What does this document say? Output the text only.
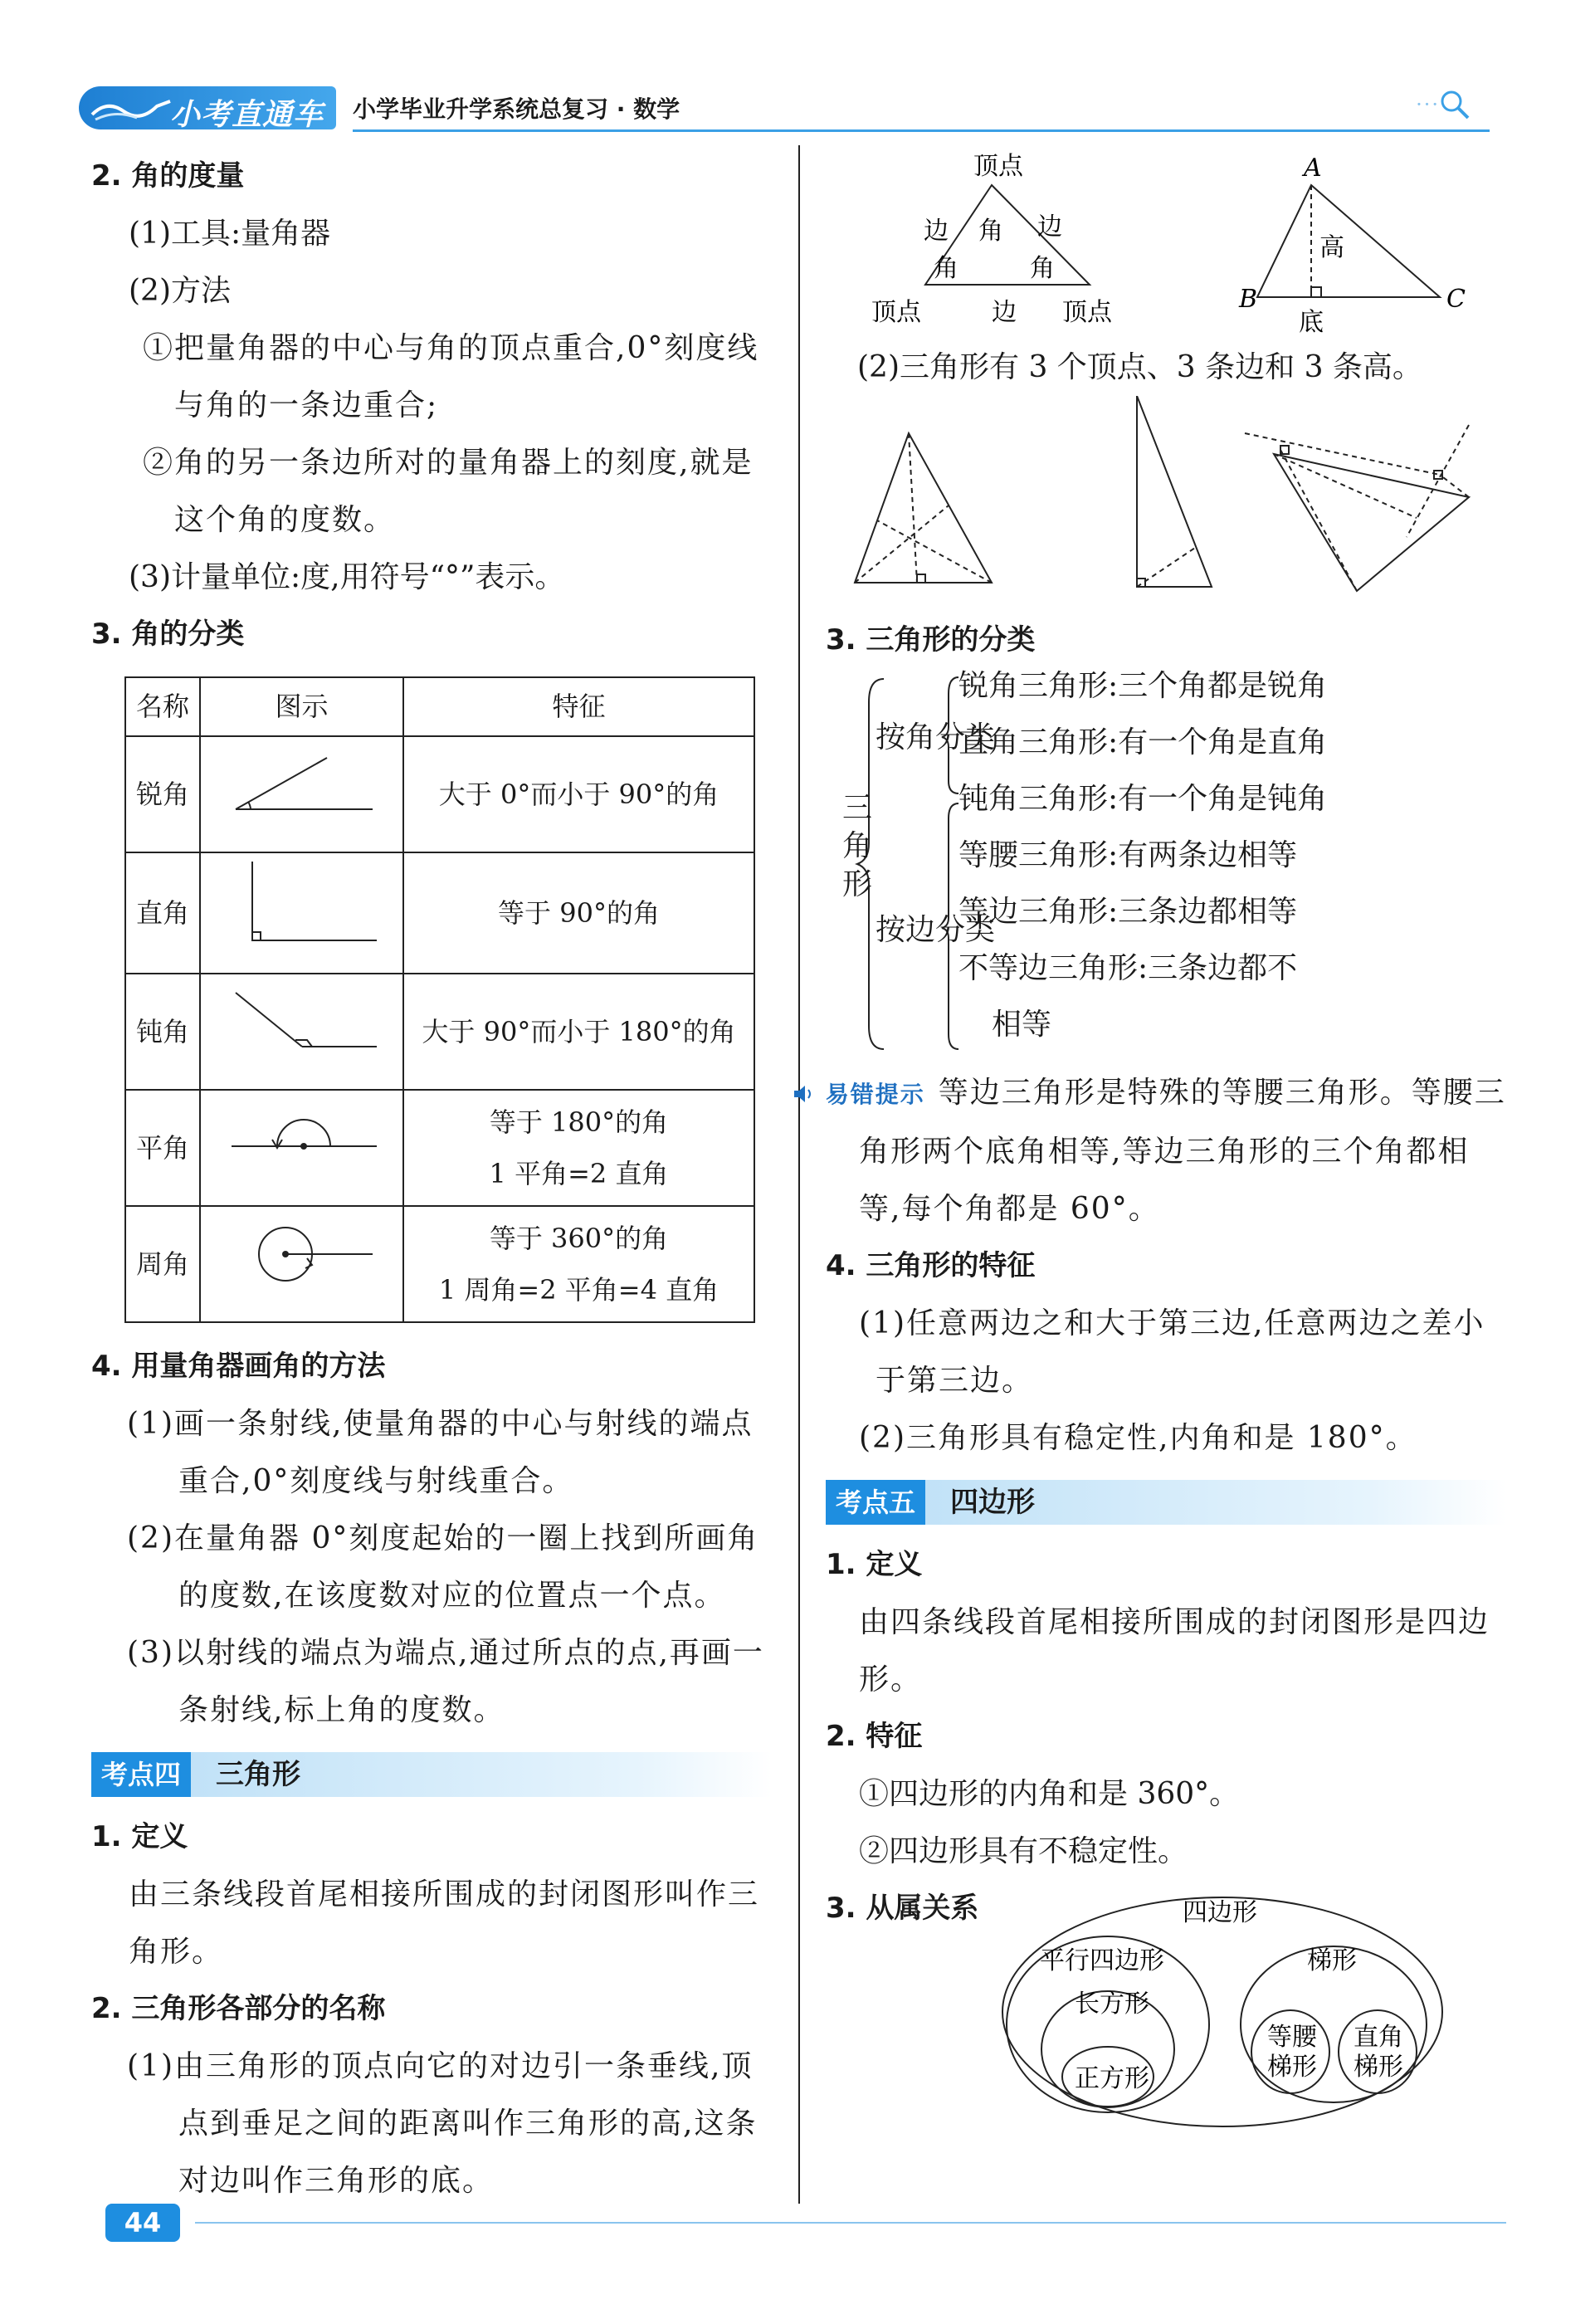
小考直通车 小学毕业升学系统总复习 · 数学	···
2. 角的度量
(1)工具:量角器
(2)方法
①把量角器的中心与角的顶点重合,0°刻度线与角的一条边重合;
②角的另一条边所对的量角器上的刻度,就是这个角的度数。
(3)计量单位:度,用符号“°”表示。
3. 角的分类
名称	图示	特征
锐角		大于 0°而小于 90°的角
直角		等于 90°的角
钝角		大于 90°而小于 180°的角
平角		等于 180°的角
1 平角=2 直角

周角		等于 360°的角
1 周角=2 平角=4 直角
4. 用量角器画角的方法
(1)画一条射线,使量角器的中心与射线的端点重合,0°刻度线与射线重合。
(2)在量角器 0°刻度起始的一圈上找到所画角的度数,在该度数对应的位置点一个点。
(3)以射线的端点为端点,通过所点的点,再画一条射线,标上角的度数。
考点四	三角形
1. 定义
由三条线段首尾相接所围成的封闭图形叫作三角形。
2. 三角形各部分的名称
(1)由三角形的顶点向它的对边引一条垂线,顶点到垂足之间的距离叫作三角形的高,这条对边叫作三角形的底。
顶点
边	边
角
角	角
顶点	边 顶点
A
B	C
高
底
(2)三角形有 3 个顶点、3 条边和 3 条高。
3. 三角形的分类
三角形
按角分类
锐角三角形:三个角都是锐角
直角三角形:有一个角是直角
钝角三角形:有一个角是钝角
按边分类
等腰三角形:有两条边相等
等边三角形:三条边都相等
不等边三角形:三条边都不
相等
易错提示 等边三角形是特殊的等腰三角形。等腰三角形两个底角相等,等边三角形的三个角都相等,每个角都是 60°。
4. 三角形的特征
(1)任意两边之和大于第三边,任意两边之差小于第三边。
(2)三角形具有稳定性,内角和是 180°。
考点五	四边形
1. 定义
由四条线段首尾相接所围成的封闭图形是四边形。
2. 特征
①四边形的内角和是 360°。
②四边形具有不稳定性。
3. 从属关系	四边形
平行四边形
长方形
正方形
梯形
等腰
梯形
直角
梯形
44
